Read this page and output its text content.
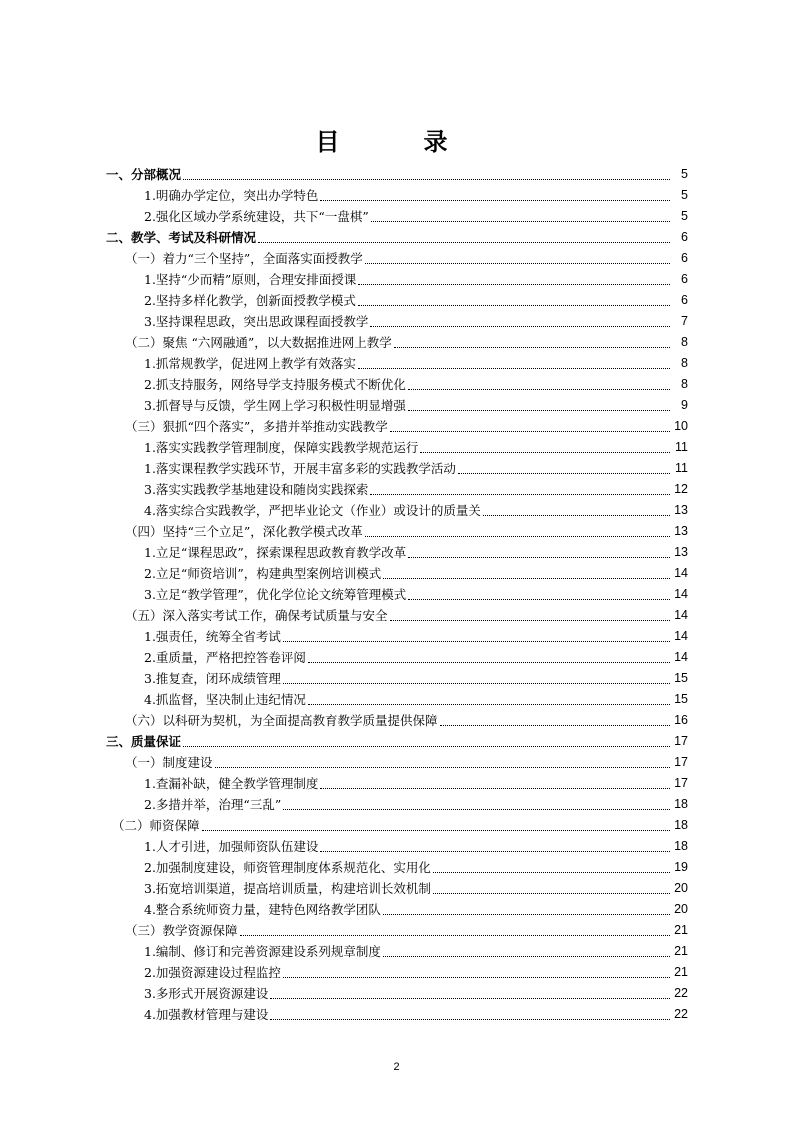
目　录
一、分部概况	5
1.明确办学定位，突出办学特色	5
2.强化区域办学系统建设，共下“一盘棋”	5
二、教学、考试及科研情况	6
（一）着力“三个坚持”，全面落实面授教学	6
1.坚持“少而精”原则，合理安排面授课	6
2.坚持多样化教学，创新面授教学模式	6
3.坚持课程思政，突出思政课程面授教学	7
（二）聚焦 “六网融通”，以大数据推进网上教学	8
1.抓常规教学，促进网上教学有效落实	8
2.抓支持服务，网络导学支持服务模式不断优化	8
3.抓督导与反馈，学生网上学习积极性明显增强	9
（三）狠抓“四个落实”，多措并举推动实践教学	10
1.落实实践教学管理制度，保障实践教学规范运行	11
1.落实课程教学实践环节，开展丰富多彩的实践教学活动	11
3.落实实践教学基地建设和随岗实践探索	12
4.落实综合实践教学，严把毕业论文（作业）或设计的质量关	13
（四）坚持“三个立足”，深化教学模式改革	13
1.立足“课程思政”，探索课程思政教育教学改革	13
2.立足“师资培训”，构建典型案例培训模式	14
3.立足“教学管理”，优化学位论文统筹管理模式	14
（五）深入落实考试工作，确保考试质量与安全	14
1.强责任，统筹全省考试	14
2.重质量，严格把控答卷评阅	14
3.推复查，闭环成绩管理	15
4.抓监督，坚决制止违纪情况	15
（六）以科研为契机，为全面提高教育教学质量提供保障	16
三、质量保证	17
（一）制度建设	17
1.查漏补缺，健全教学管理制度	17
2.多措并举，治理“三乱”	18
（二）师资保障	18
1.人才引进，加强师资队伍建设	18
2.加强制度建设，师资管理制度体系规范化、实用化	19
3.拓宽培训渠道，提高培训质量，构建培训长效机制	20
4.整合系统师资力量，建特色网络教学团队	20
（三）教学资源保障	21
1.编制、修订和完善资源建设系列规章制度	21
2.加强资源建设过程监控	21
3.多形式开展资源建设	22
4.加强教材管理与建设	22
2
